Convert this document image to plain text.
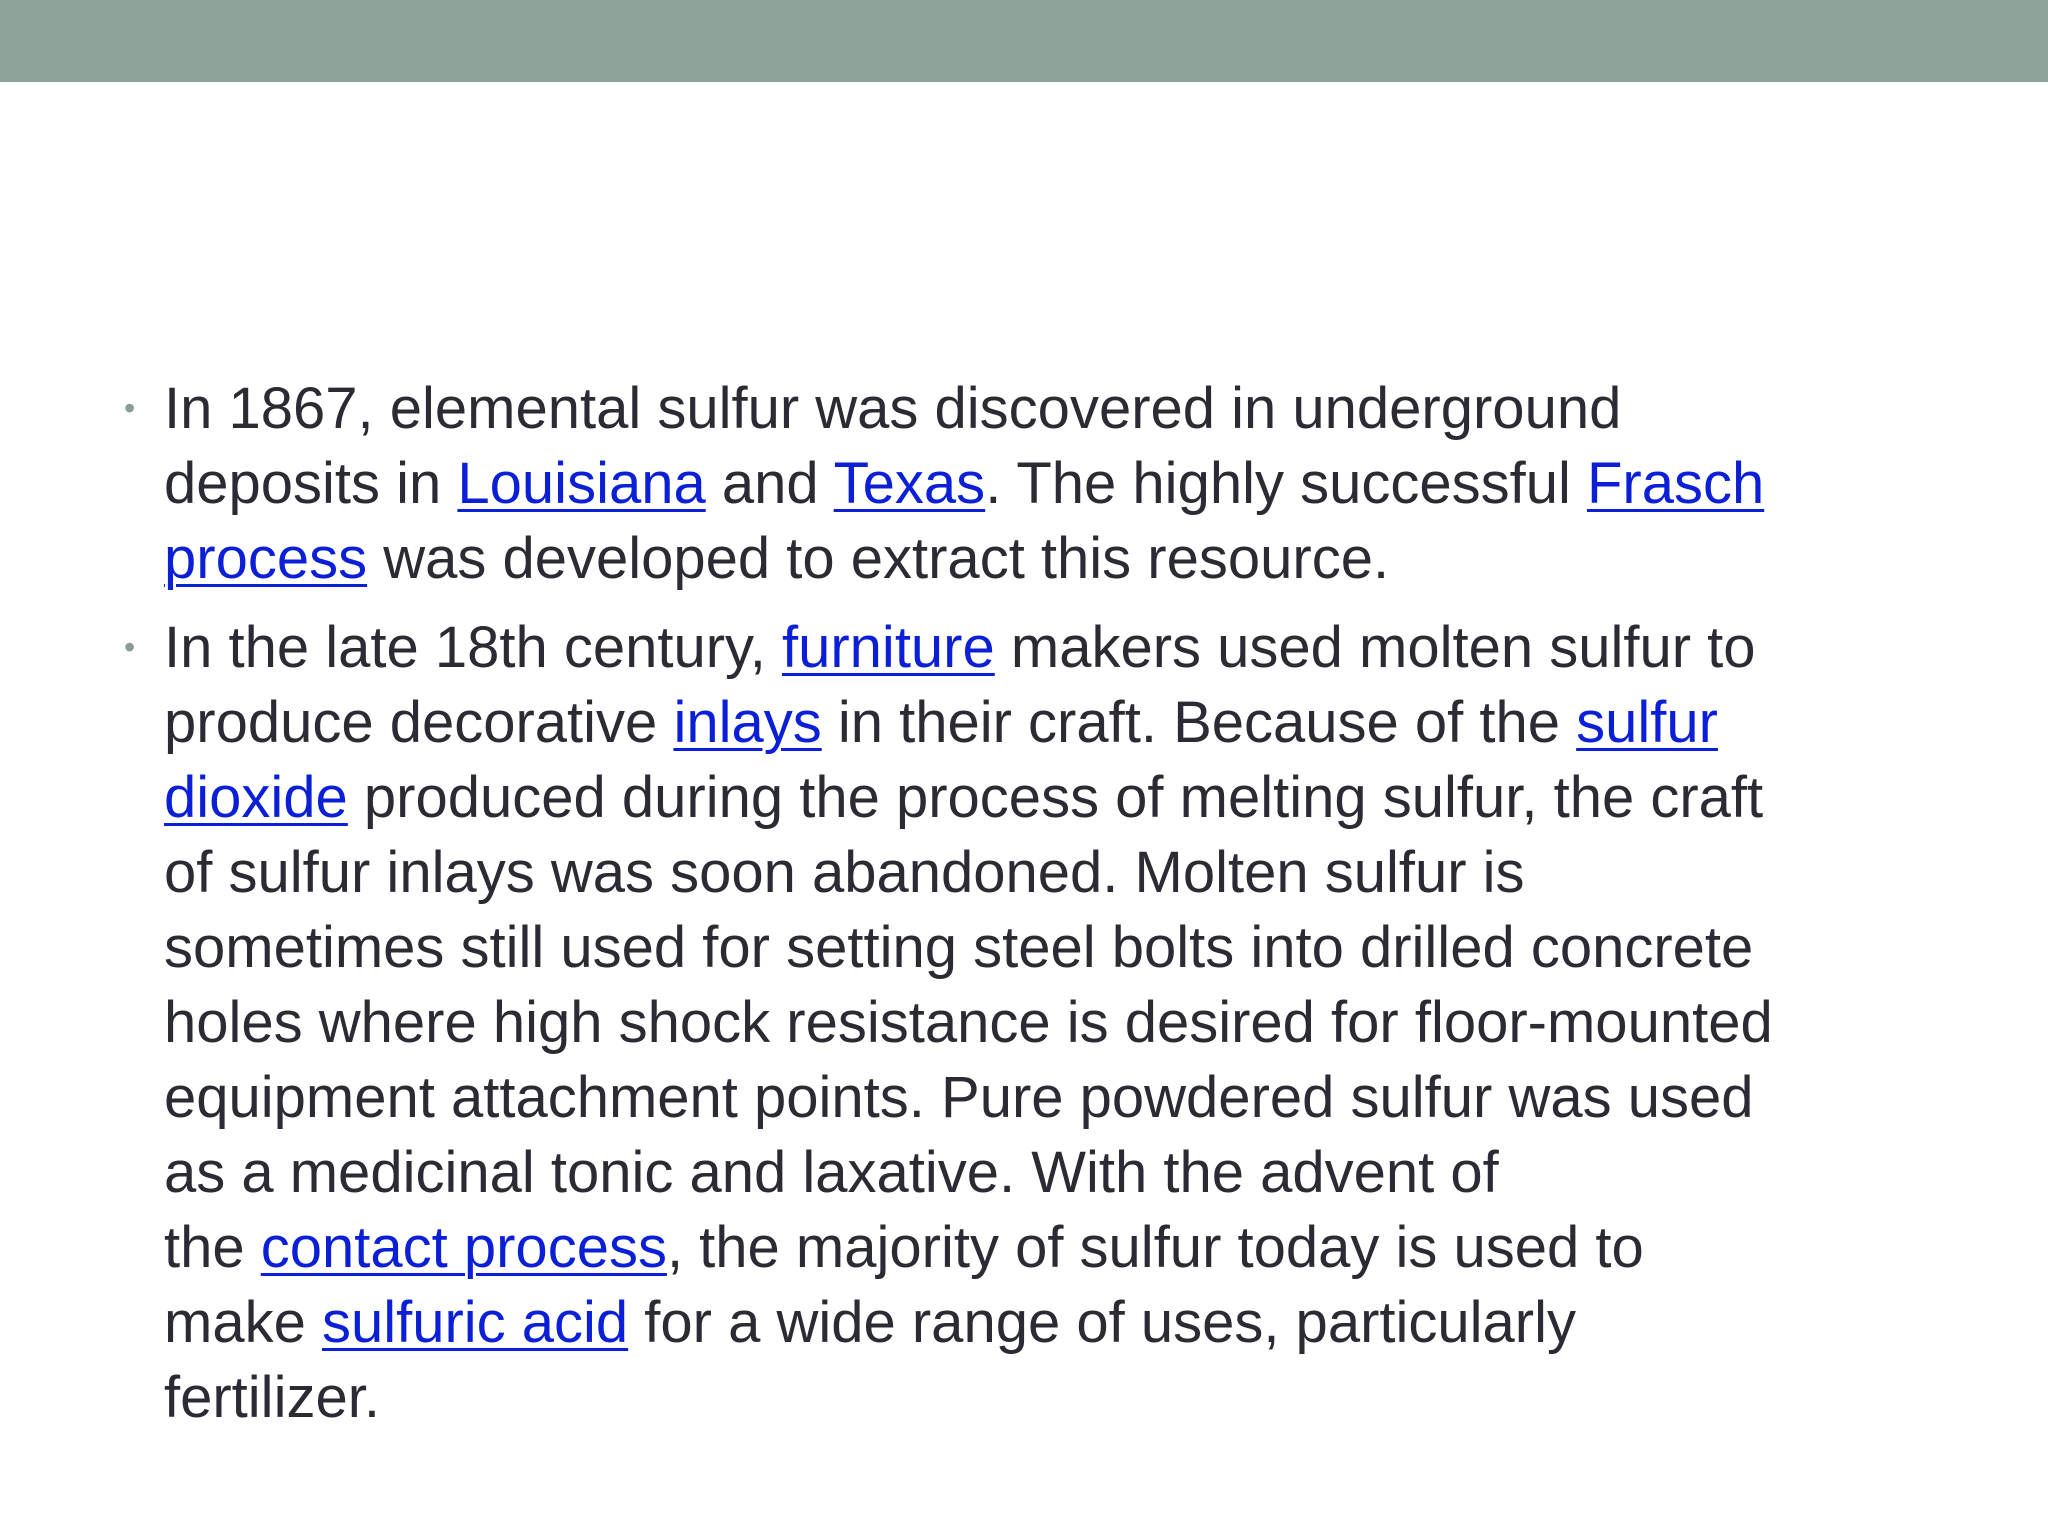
• In 1867, elemental sulfur was discovered in underground
deposits in Louisiana and Texas. The highly successful Frasch
process was developed to extract this resource.
• In the late 18th century, furniture makers used molten sulfur to
produce decorative inlays in their craft. Because of the sulfur
dioxide produced during the process of melting sulfur, the craft
of sulfur inlays was soon abandoned. Molten sulfur is
sometimes still used for setting steel bolts into drilled concrete
holes where high shock resistance is desired for floor-mounted
equipment attachment points. Pure powdered sulfur was used
as a medicinal tonic and laxative. With the advent of
the contact process, the majority of sulfur today is used to
make sulfuric acid for a wide range of uses, particularly
fertilizer.
